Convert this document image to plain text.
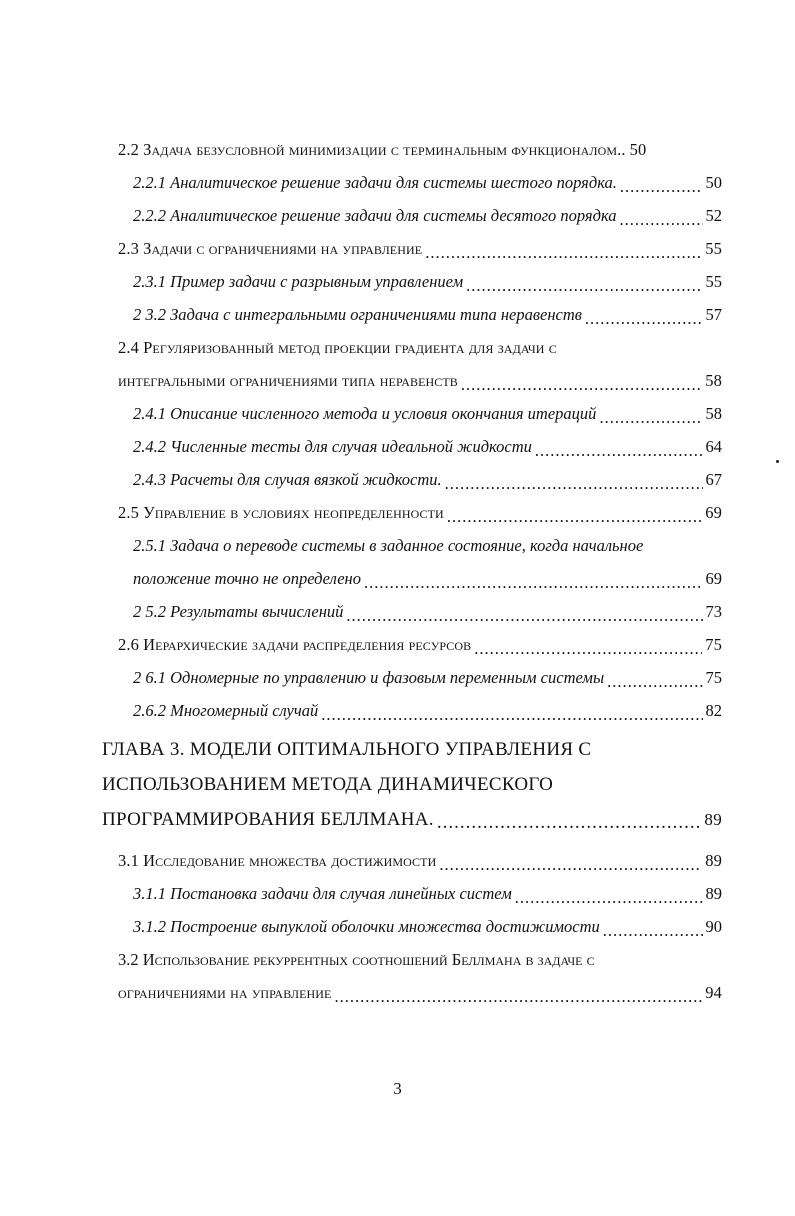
2.2 Задача безусловной минимизации с терминальным функционалом.. 50
2.2.1 Аналитическое решение задачи для системы шестого порядка. .....	50
2.2.2 Аналитическое решение задачи для системы десятого порядка .....	52
2.3 Задачи с ограничениями на управление .....	55
2.3.1 Пример задачи с разрывным управлением .....	55
2 3.2 Задача с интегральными ограничениями типа неравенств .....	57
2.4 Регуляризованный метод проекции градиента для задачи с
интегральными ограничениями типа неравенств .....	58
2.4.1 Описание численного метода и условия окончания итераций .....	58
2.4.2 Численные тесты для случая идеальной жидкости .....	64
2.4.3 Расчеты для случая вязкой жидкости. .....	67
2.5 Управление в условиях неопределенности .....	69
2.5.1 Задача о переводе системы в заданное состояние, когда начальное
положение точно не определено .....	69
2 5.2 Результаты вычислений .....	73
2.6 Иерархические задачи распределения ресурсов .....	75
2 6.1 Одномерные по управлению и фазовым переменным системы .....	75
2.6.2 Многомерный случай .....	82
ГЛАВА 3. МОДЕЛИ ОПТИМАЛЬНОГО УПРАВЛЕНИЯ С
ИСПОЛЬЗОВАНИЕМ МЕТОДА ДИНАМИЧЕСКОГО
ПРОГРАММИРОВАНИЯ БЕЛЛМАНА. .....	89
3.1 Исследование множества достижимости .....	89
3.1.1 Постановка задачи для случая линейных систем .....	89
3.1.2 Построение выпуклой оболочки множества достижимости .....	90
3.2 Использование рекуррентных соотношений Беллмана в задаче с
ограничениями на управление .....	94
3
